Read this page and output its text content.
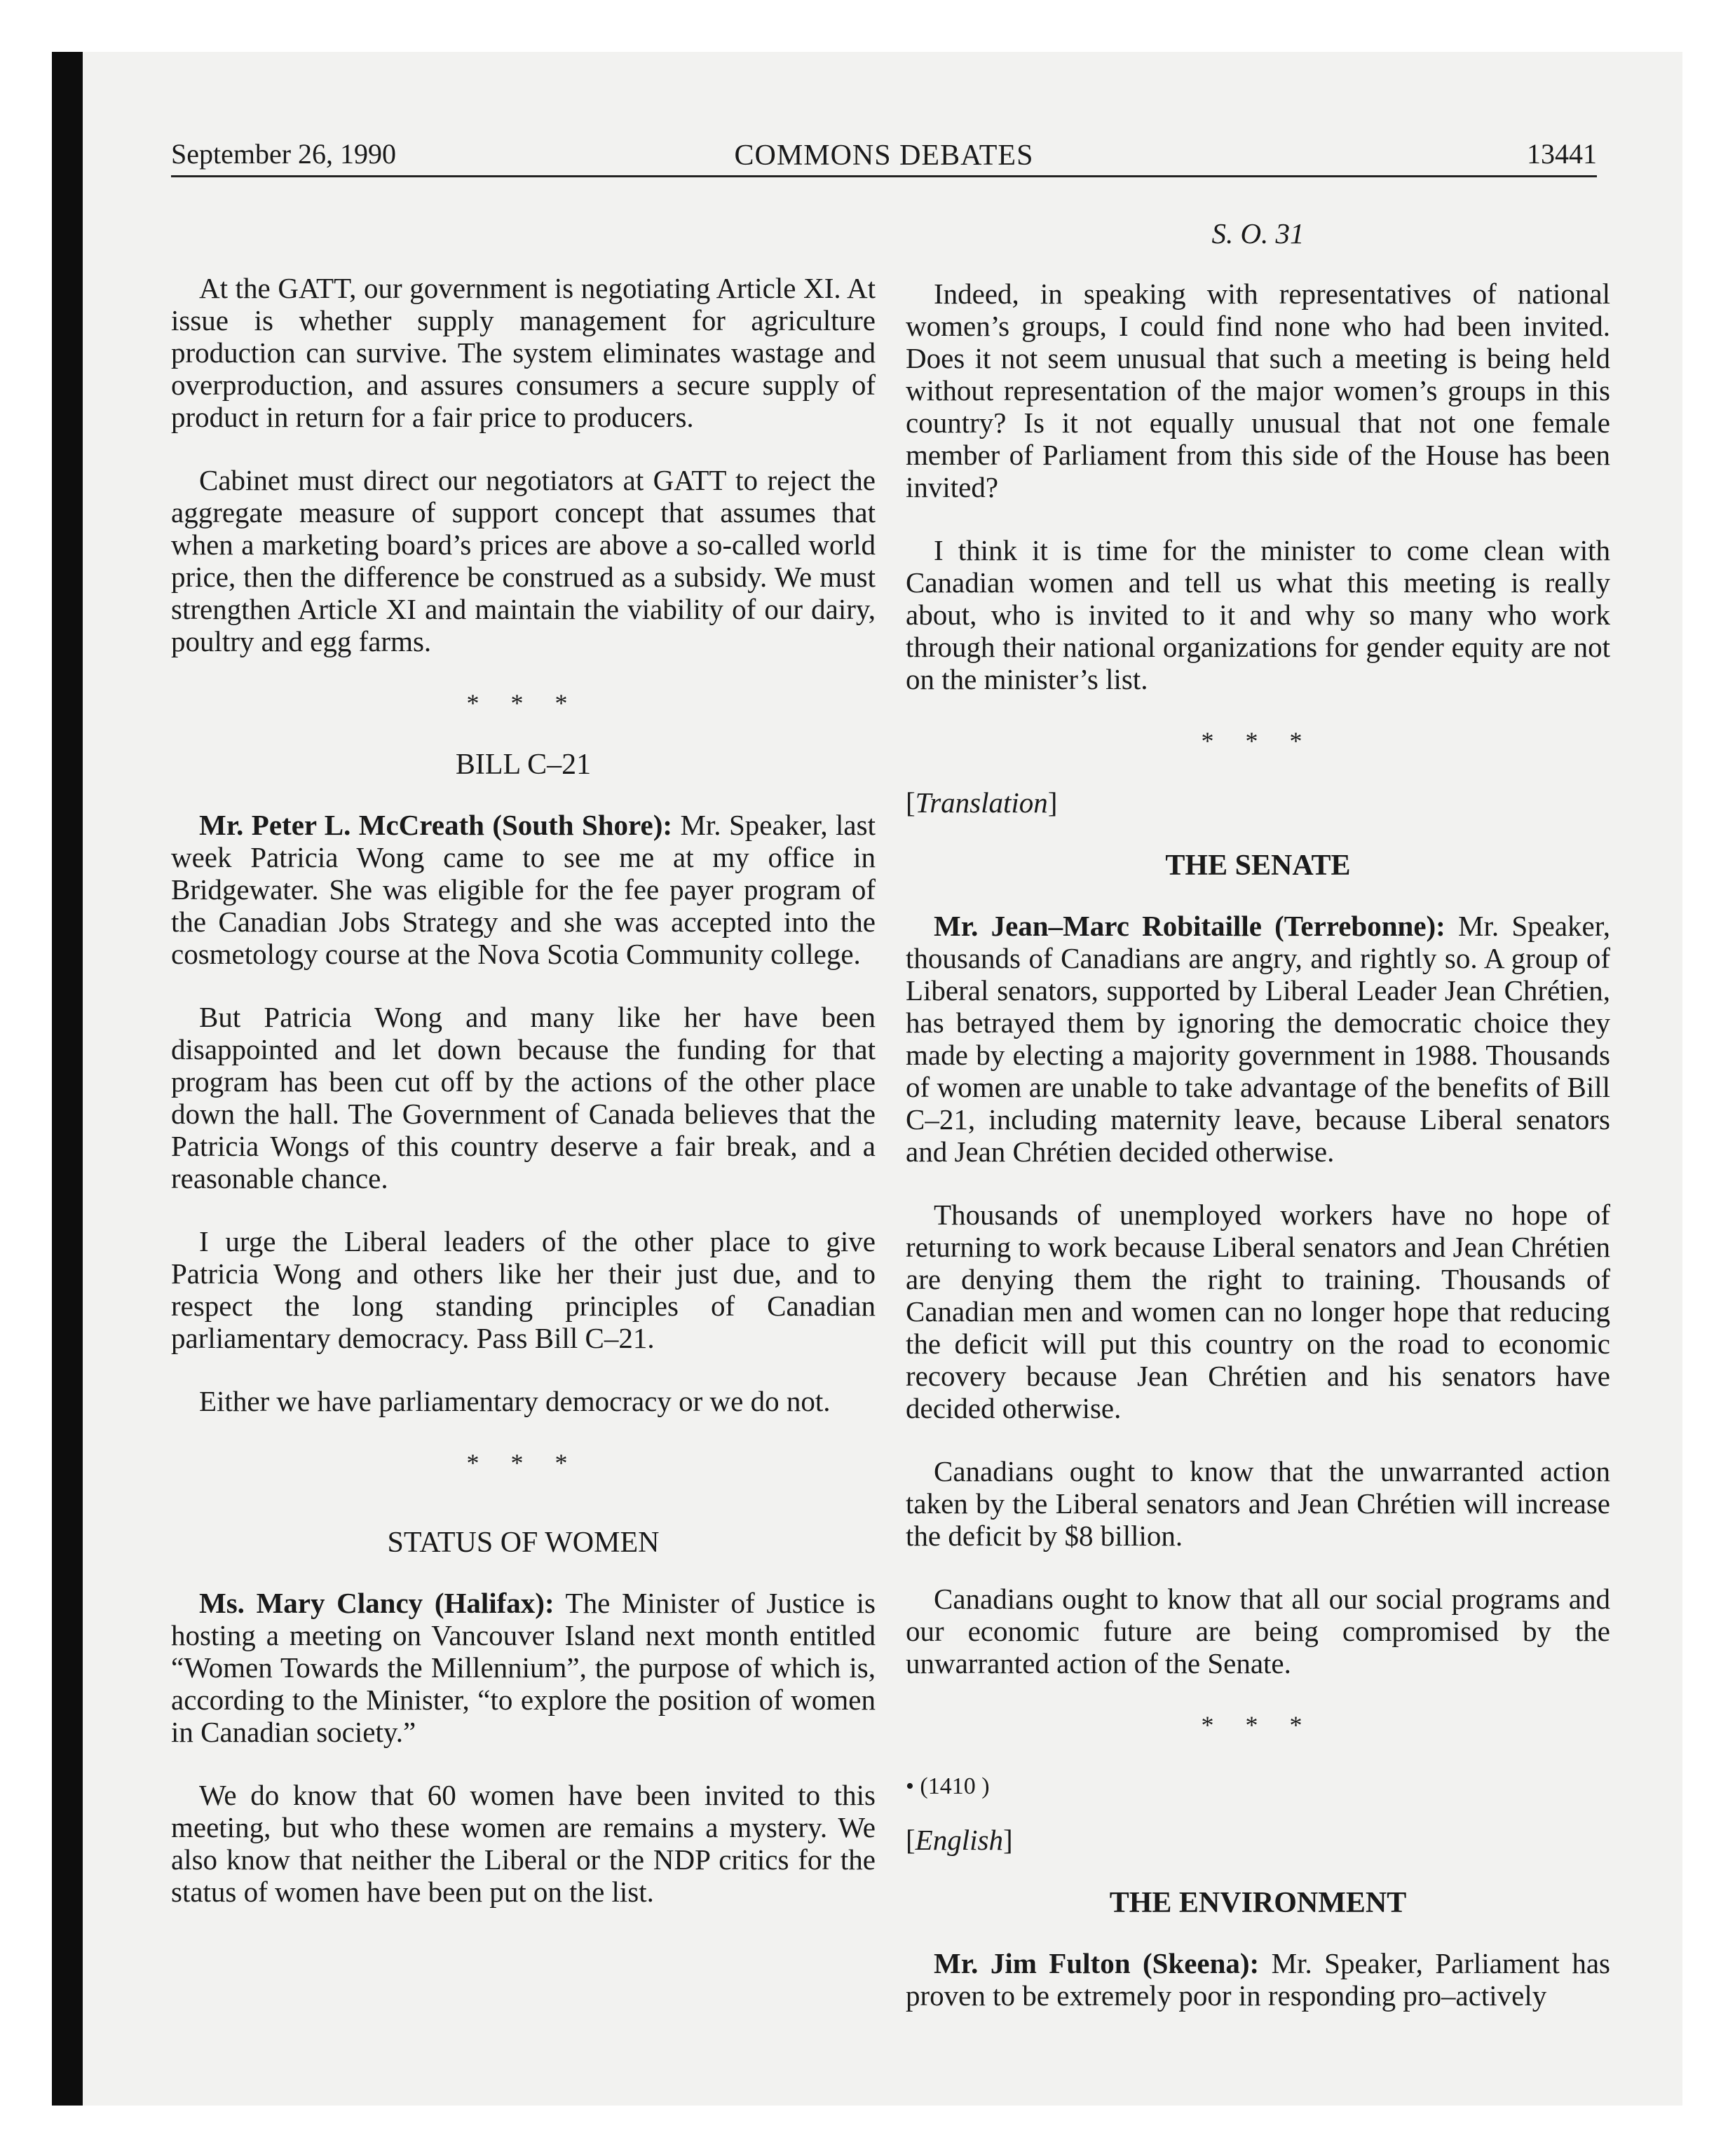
September 26, 1990	COMMONS DEBATES	13441

At the GATT, our government is negotiating Article XI. At issue is whether supply management for agriculture production can survive. The system eliminates wastage and overproduction, and assures consumers a secure supply of product in return for a fair price to producers.

Cabinet must direct our negotiators at GATT to reject the aggregate measure of support concept that assumes that when a marketing board’s prices are above a so-called world price, then the difference be construed as a subsidy. We must strengthen Article XI and maintain the viability of our dairy, poultry and egg farms.

* * *
BILL C–21

Mr. Peter L. McCreath (South Shore): Mr. Speaker, last week Patricia Wong came to see me at my office in Bridgewater. She was eligible for the fee payer program of the Canadian Jobs Strategy and she was accepted into the cosmetology course at the Nova Scotia Community college.

But Patricia Wong and many like her have been disappointed and let down because the funding for that program has been cut off by the actions of the other place down the hall. The Government of Canada believes that the Patricia Wongs of this country deserve a fair break, and a reasonable chance.

I urge the Liberal leaders of the other place to give Patricia Wong and others like her their just due, and to respect the long standing principles of Canadian parliamentary democracy. Pass Bill C–21.

Either we have parliamentary democracy or we do not.

* * *
STATUS OF WOMEN

Ms. Mary Clancy (Halifax): The Minister of Justice is hosting a meeting on Vancouver Island next month entitled “Women Towards the Millennium”, the purpose of which is, according to the Minister, “to explore the position of women in Canadian society.”

We do know that 60 women have been invited to this meeting, but who these women are remains a mystery. We also know that neither the Liberal or the NDP critics for the status of women have been put on the list.

S. O. 31

Indeed, in speaking with representatives of national women’s groups, I could find none who had been invited. Does it not seem unusual that such a meeting is being held without representation of the major women’s groups in this country? Is it not equally unusual that not one female member of Parliament from this side of the House has been invited?

I think it is time for the minister to come clean with Canadian women and tell us what this meeting is really about, who is invited to it and why so many who work through their national organizations for gender equity are not on the minister’s list.

* * *
[Translation]
THE SENATE

Mr. Jean–Marc Robitaille (Terrebonne): Mr. Speaker, thousands of Canadians are angry, and rightly so. A group of Liberal senators, supported by Liberal Leader Jean Chrétien, has betrayed them by ignoring the democratic choice they made by electing a majority government in 1988. Thousands of women are unable to take advantage of the benefits of Bill C–21, including maternity leave, because Liberal senators and Jean Chrétien decided otherwise.

Thousands of unemployed workers have no hope of returning to work because Liberal senators and Jean Chrétien are denying them the right to training. Thousands of Canadian men and women can no longer hope that reducing the deficit will put this country on the road to economic recovery because Jean Chrétien and his senators have decided otherwise.

Canadians ought to know that the unwarranted action taken by the Liberal senators and Jean Chrétien will increase the deficit by $8 billion.

Canadians ought to know that all our social programs and our economic future are being compromised by the unwarranted action of the Senate.

* * *
• (1410 )
[English]
THE ENVIRONMENT

Mr. Jim Fulton (Skeena): Mr. Speaker, Parliament has proven to be extremely poor in responding pro–actively
